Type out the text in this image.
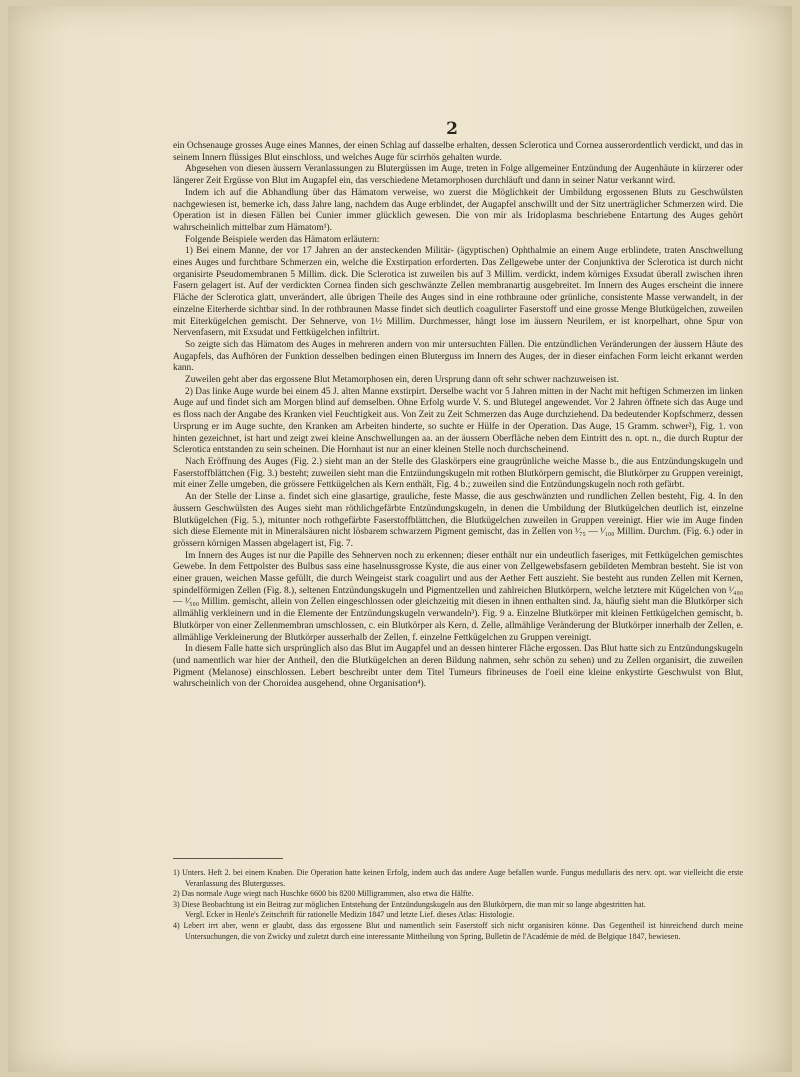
2

ein Ochsenauge grosses Auge eines Mannes, der einen Schlag auf dasselbe erhalten, dessen Sclerotica und Cornea ausserordentlich verdickt, und das in seinem Innern flüssiges Blut einschloss, und welches Auge für scirrhös gehalten wurde.

Abgesehen von diesen äussern Veranlassungen zu Blutergüssen im Auge, treten in Folge allgemeiner Entzündung der Augenhäute in kürzerer oder längerer Zeit Ergüsse von Blut im Augapfel ein, das verschiedene Metamorphosen durchläuft und dann in seiner Natur verkannt wird.

Indem ich auf die Abhandlung über das Hämatom verweise, wo zuerst die Möglichkeit der Umbildung ergossenen Bluts zu Geschwülsten nachgewiesen ist, bemerke ich, dass Jahre lang, nachdem das Auge erblindet, der Augapfel anschwillt und der Sitz unerträglicher Schmerzen wird. Die Operation ist in diesen Fällen bei Cunier immer glücklich gewesen. Die von mir als Iridoplasma beschriebene Entartung des Auges gehört wahrscheinlich mittelbar zum Hämatom¹).

Folgende Beispiele werden das Hämatom erläutern:

1) Bei einem Manne, der vor 17 Jahren an der ansteckenden Militär- (ägyptischen) Ophthalmie an einem Auge erblindete, traten Anschwellung eines Auges und furchtbare Schmerzen ein, welche die Exstirpation erforderten. Das Zellgewebe unter der Conjunktiva der Sclerotica ist durch nicht organisirte Pseudomembranen 5 Millim. dick. Die Sclerotica ist zuweilen bis auf 3 Millim. verdickt, indem körniges Exsudat überall zwischen ihren Fasern gelagert ist. Auf der verdickten Cornea finden sich geschwänzte Zellen membranartig ausgebreitet. Im Innern des Auges erscheint die innere Fläche der Sclerotica glatt, unverändert, alle übrigen Theile des Auges sind in eine rothbraune oder grünliche, consistente Masse verwandelt, in der einzelne Eiterherde sichtbar sind. In der rothbraunen Masse findet sich deutlich coagulirter Faserstoff und eine grosse Menge Blutkügelchen, zuweilen mit Eiterkügelchen gemischt. Der Sehnerve, von 1½ Millim. Durchmesser, hängt lose im äussern Neurilem, er ist knorpelhart, ohne Spur von Nervenfasern, mit Exsudat und Fettkügelchen infiltrirt.

So zeigte sich das Hämatom des Auges in mehreren andern von mir untersuchten Fällen. Die entzündlichen Veränderungen der äussern Häute des Augapfels, das Aufhören der Funktion desselben bedingen einen Bluterguss im Innern des Auges, der in dieser einfachen Form leicht erkannt werden kann.

Zuweilen geht aber das ergossene Blut Metamorphosen ein, deren Ursprung dann oft sehr schwer nachzuweisen ist.

2) Das linke Auge wurde bei einem 45 J. alten Manne exstirpirt. Derselbe wacht vor 5 Jahren mitten in der Nacht mit heftigen Schmerzen im linken Auge auf und findet sich am Morgen blind auf demselben. Ohne Erfolg wurde V. S. und Blutegel angewendet. Vor 2 Jahren öffnete sich das Auge und es floss nach der Angabe des Kranken viel Feuchtigkeit aus. Von Zeit zu Zeit Schmerzen das Auge durchziehend. Da bedeutender Kopfschmerz, dessen Ursprung er im Auge suchte, den Kranken am Arbeiten hinderte, so suchte er Hülfe in der Operation. Das Auge, 15 Gramm. schwer²), Fig. 1. von hinten gezeichnet, ist hart und zeigt zwei kleine Anschwellungen aa. an der äussern Oberfläche neben dem Eintritt des n. opt. n., die durch Ruptur der Sclerotica entstanden zu sein scheinen. Die Hornhaut ist nur an einer kleinen Stelle noch durchscheinend.

Nach Eröffnung des Auges (Fig. 2.) sieht man an der Stelle des Glaskörpers eine graugrünliche weiche Masse b., die aus Entzündungskugeln und Faserstoffblättchen (Fig. 3.) besteht; zuweilen sieht man die Entzündungskugeln mit rothen Blutkörpern gemischt, die Blutkörper zu Gruppen vereinigt, mit einer Zelle umgeben, die grössere Fettkügelchen als Kern enthält, Fig. 4 b.; zuweilen sind die Entzündungskugeln noch roth gefärbt.

An der Stelle der Linse a. findet sich eine glasartige, grauliche, feste Masse, die aus geschwänzten und rundlichen Zellen besteht, Fig. 4. In den äussern Geschwülsten des Auges sieht man röthlichgefärbte Entzündungskugeln, in denen die Umbildung der Blutkügelchen deutlich ist, einzelne Blutkügelchen (Fig. 5.), mitunter noch rothgefärbte Faserstoffblättchen, die Blutkügelchen zuweilen in Gruppen vereinigt. Hier wie im Auge finden sich diese Elemente mit in Mineralsäuren nicht lösbarem schwarzem Pigment gemischt, das in Zellen von ¹⁄₇₅ — ¹⁄₁₀₀ Millim. Durchm. (Fig. 6.) oder in grössern körnigen Massen abgelagert ist, Fig. 7.

Im Innern des Auges ist nur die Papille des Sehnerven noch zu erkennen; dieser enthält nur ein undeutlich faseriges, mit Fettkügelchen gemischtes Gewebe. In dem Fettpolster des Bulbus sass eine haselnussgrosse Kyste, die aus einer von Zellgewebsfasern gebildeten Membran besteht. Sie ist von einer grauen, weichen Masse gefüllt, die durch Weingeist stark coagulirt und aus der Aether Fett auszieht. Sie besteht aus runden Zellen mit Kernen, spindelförmigen Zellen (Fig. 8.), seltenen Entzündungskugeln und Pigmentzellen und zahlreichen Blutkörpern, welche letztere mit Kügelchen von ¹⁄₄₀₀ — ¹⁄₅₀₀ Millim. gemischt, allein von Zellen eingeschlossen oder gleichzeitig mit diesen in ihnen enthalten sind. Ja, häufig sieht man die Blutkörper sich allmählig verkleinern und in die Elemente der Entzündungskugeln verwandeln³). Fig. 9 a. Einzelne Blutkörper mit kleinen Fettkügelchen gemischt, b. Blutkörper von einer Zellenmembran umschlossen, c. ein Blutkörper als Kern, d. Zelle, allmählige Veränderung der Blutkörper innerhalb der Zellen, e. allmählige Verkleinerung der Blutkörper ausserhalb der Zellen, f. einzelne Fettkügelchen zu Gruppen vereinigt.

In diesem Falle hatte sich ursprünglich also das Blut im Augapfel und an dessen hinterer Fläche ergossen. Das Blut hatte sich zu Entzündungskugeln (und namentlich war hier der Antheil, den die Blutkügelchen an deren Bildung nahmen, sehr schön zu sehen) und zu Zellen organisirt, die zuweilen Pigment (Melanose) einschlossen. Lebert beschreibt unter dem Titel Tumeurs fibrineuses de l'oeil eine kleine enkystirte Geschwulst von Blut, wahrscheinlich von der Choroidea ausgehend, ohne Organisation⁴).

1) Unters. Heft 2. bei einem Knaben. Die Operation hatte keinen Erfolg, indem auch das andere Auge befallen wurde. Fungus medullaris des nerv. opt. war vielleicht die erste Veranlassung des Blutergusses.

2) Das normale Auge wiegt nach Huschke 6600 bis 8200 Milligrammen, also etwa die Hälfte.

3) Diese Beobachtung ist ein Beitrag zur möglichen Entstehung der Entzündungskugeln aus den Blutkörpern, die man mir so lange abgestritten hat.

Vergl. Ecker in Henle's Zeitschrift für rationelle Medizin 1847 und letzte Lief. dieses Atlas: Histologie.

4) Lebert irrt aber, wenn er glaubt, dass das ergossene Blut und namentlich sein Faserstoff sich nicht organisiren könne. Das Gegentheil ist hinreichend durch meine Untersuchungen, die von Zwicky und zuletzt durch eine interessante Mittheilung von Spring, Bulletin de l'Académie de méd. de Belgique 1847, bewiesen.
